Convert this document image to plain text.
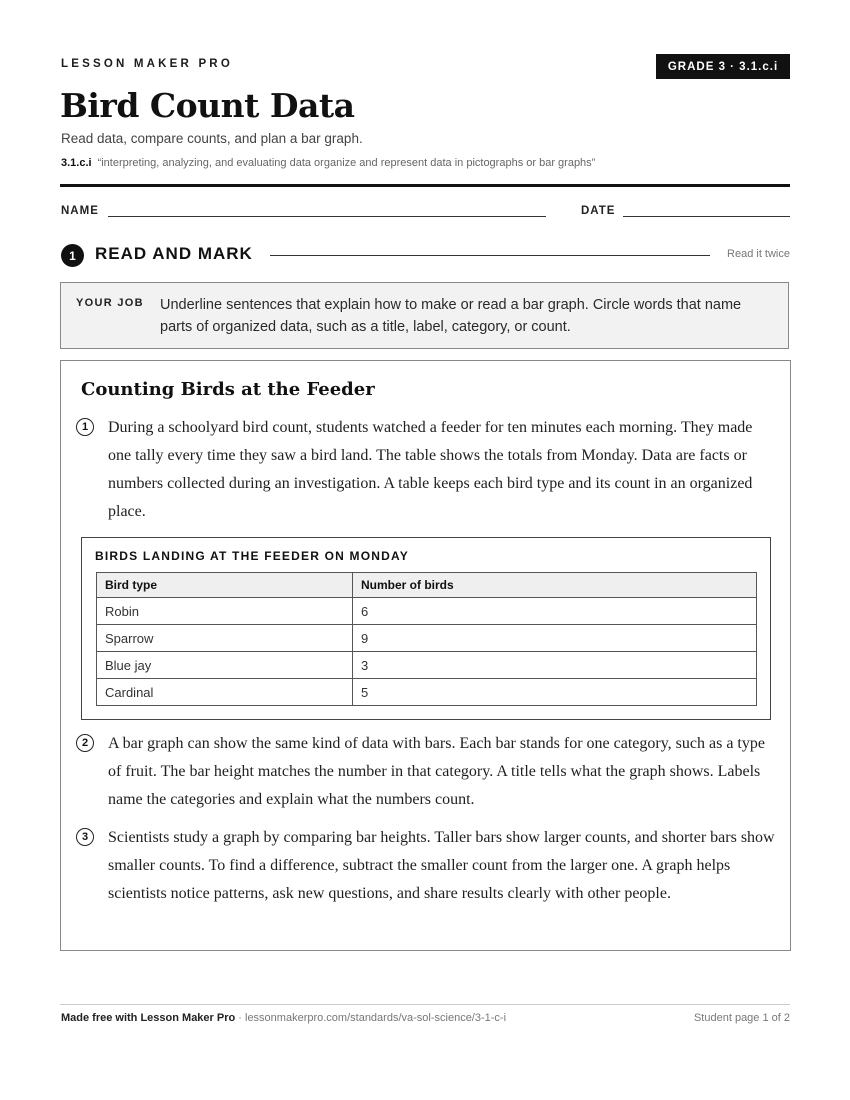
LESSON MAKER PRO	GRADE 3 · 3.1.c.i
Bird Count Data
Read data, compare counts, and plan a bar graph.
3.1.c.i “interpreting, analyzing, and evaluating data organize and represent data in pictographs or bar graphs”
NAME	DATE
1	READ AND MARK	Read it twice
YOUR JOB Underline sentences that explain how to make or read a bar graph. Circle words that name parts of organized data, such as a title, label, category, or count.
Counting Birds at the Feeder
1	During a schoolyard bird count, students watched a feeder for ten minutes each morning. They made one tally every time they saw a bird land. The table shows the totals from Monday. Data are facts or numbers collected during an investigation. A table keeps each bird type and its count in an organized place.
BIRDS LANDING AT THE FEEDER ON MONDAY
Bird type	Number of birds
Robin	6
Sparrow	9
Blue jay	3
Cardinal	5
2	A bar graph can show the same kind of data with bars. Each bar stands for one category, such as a type of fruit. The bar height matches the number in that category. A title tells what the graph shows. Labels name the categories and explain what the numbers count.
3	Scientists study a graph by comparing bar heights. Taller bars show larger counts, and shorter bars show smaller counts. To find a difference, subtract the smaller count from the larger one. A graph helps scientists notice patterns, ask new questions, and share results clearly with other people.
Made free with Lesson Maker Pro · lessonmakerpro.com/standards/va-sol-science/3-1-c-i	Student page 1 of 2
